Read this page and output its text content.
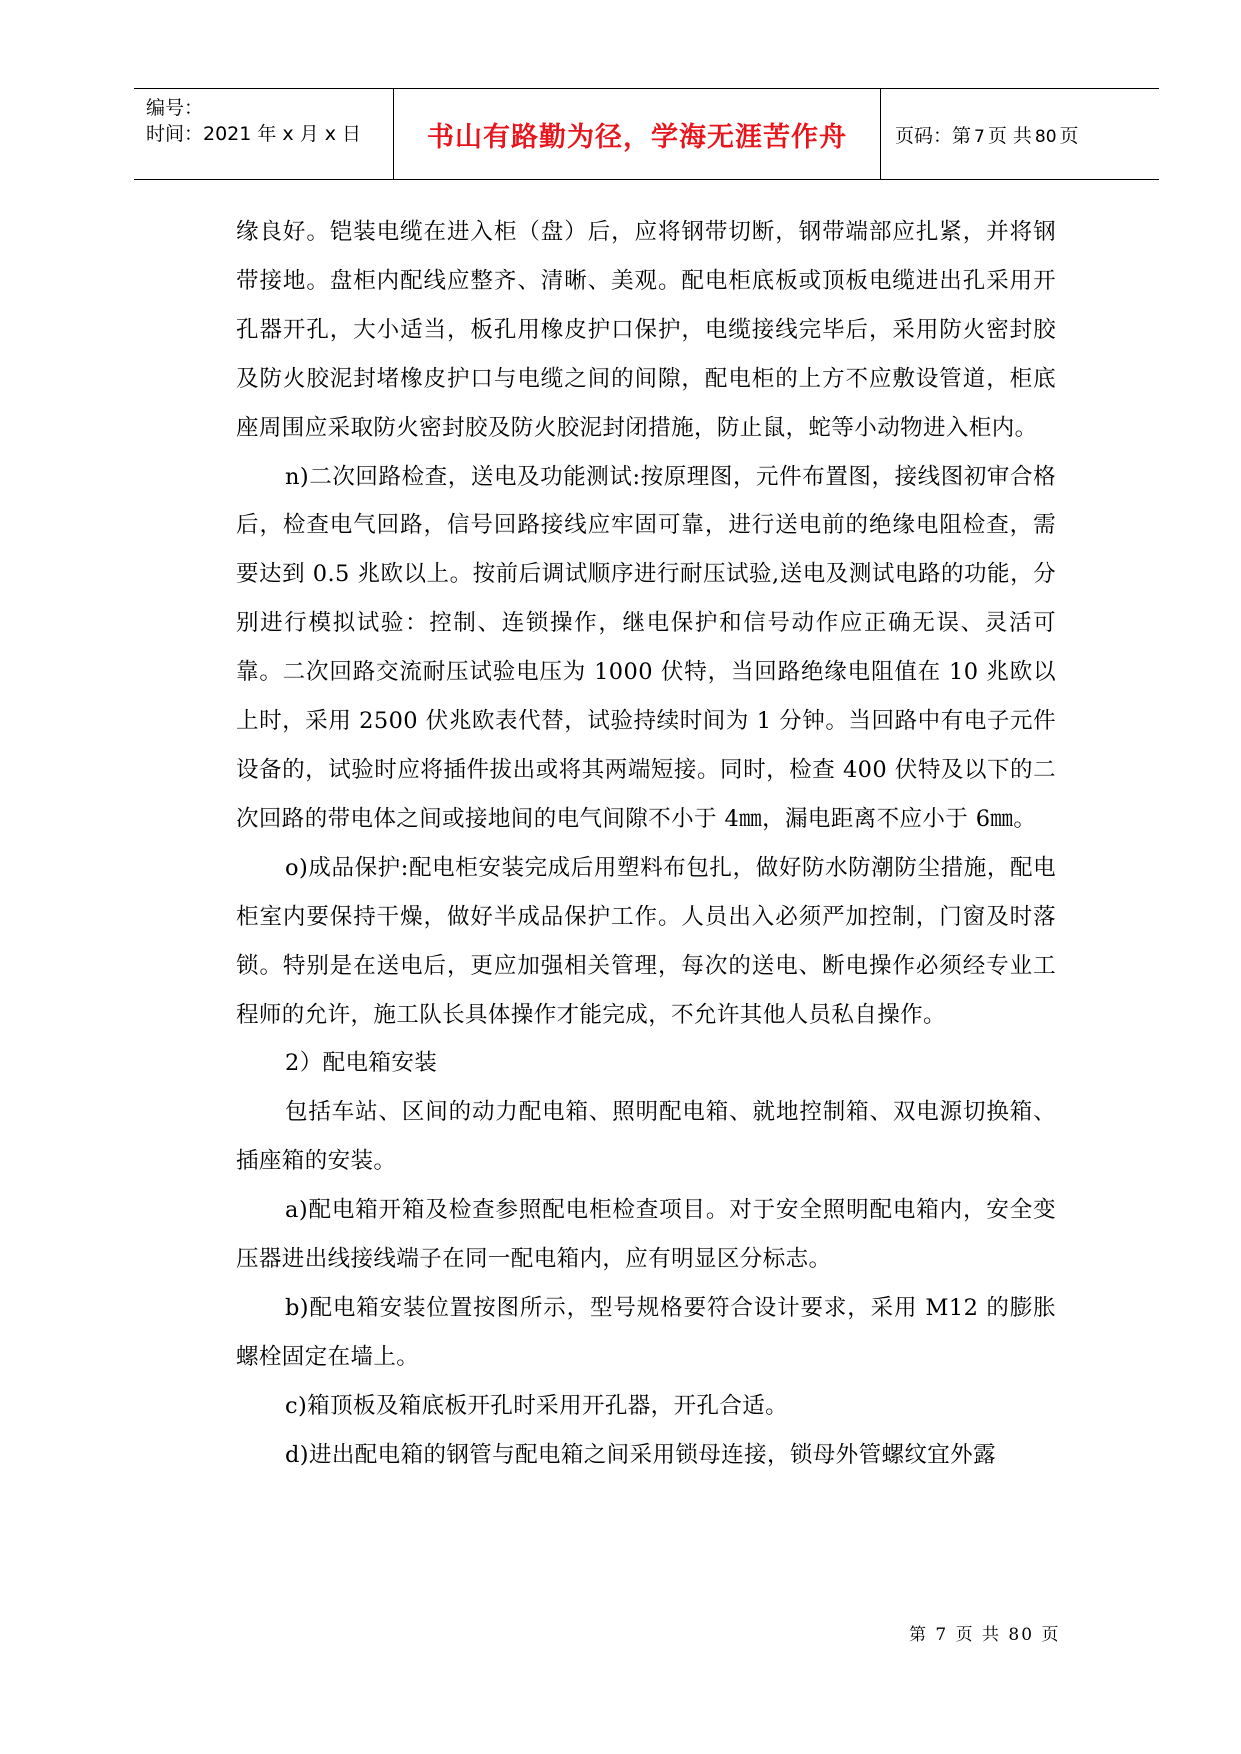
编号：
时间：2021 年 x 月 x 日 书山有路勤为径，学海无涯苦作舟	页码：第 7 页 共 80 页

缘良好。铠装电缆在进入柜（盘）后，应将钢带切断，钢带端部应扎紧，并将钢带接地。盘柜内配线应整齐、清晰、美观。配电柜底板或顶板电缆进出孔采用开孔器开孔，大小适当，板孔用橡皮护口保护，电缆接线完毕后，采用防火密封胶及防火胶泥封堵橡皮护口与电缆之间的间隙，配电柜的上方不应敷设管道，柜底座周围应采取防火密封胶及防火胶泥封闭措施，防止鼠，蛇等小动物进入柜内。

n)二次回路检查，送电及功能测试:按原理图，元件布置图，接线图初审合格后，检查电气回路，信号回路接线应牢固可靠，进行送电前的绝缘电阻检查，需要达到 0.5 兆欧以上。按前后调试顺序进行耐压试验,送电及测试电路的功能，分别进行模拟试验：控制、连锁操作，继电保护和信号动作应正确无误、灵活可靠。二次回路交流耐压试验电压为 1000 伏特，当回路绝缘电阻值在 10 兆欧以上时，采用 2500 伏兆欧表代替，试验持续时间为 1 分钟。当回路中有电子元件设备的，试验时应将插件拔出或将其两端短接。同时，检查 400 伏特及以下的二次回路的带电体之间或接地间的电气间隙不小于 4㎜，漏电距离不应小于 6㎜。

o)成品保护:配电柜安装完成后用塑料布包扎，做好防水防潮防尘措施，配电柜室内要保持干燥，做好半成品保护工作。人员出入必须严加控制，门窗及时落锁。特别是在送电后，更应加强相关管理，每次的送电、断电操作必须经专业工程师的允许，施工队长具体操作才能完成，不允许其他人员私自操作。

2）配电箱安装

包括车站、区间的动力配电箱、照明配电箱、就地控制箱、双电源切换箱、插座箱的安装。

a)配电箱开箱及检查参照配电柜检查项目。对于安全照明配电箱内，安全变压器进出线接线端子在同一配电箱内，应有明显区分标志。

b)配电箱安装位置按图所示，型号规格要符合设计要求，采用 M12 的膨胀螺栓固定在墙上。

c)箱顶板及箱底板开孔时采用开孔器，开孔合适。

d)进出配电箱的钢管与配电箱之间采用锁母连接，锁母外管螺纹宜外露

第 7 页 共 80 页
